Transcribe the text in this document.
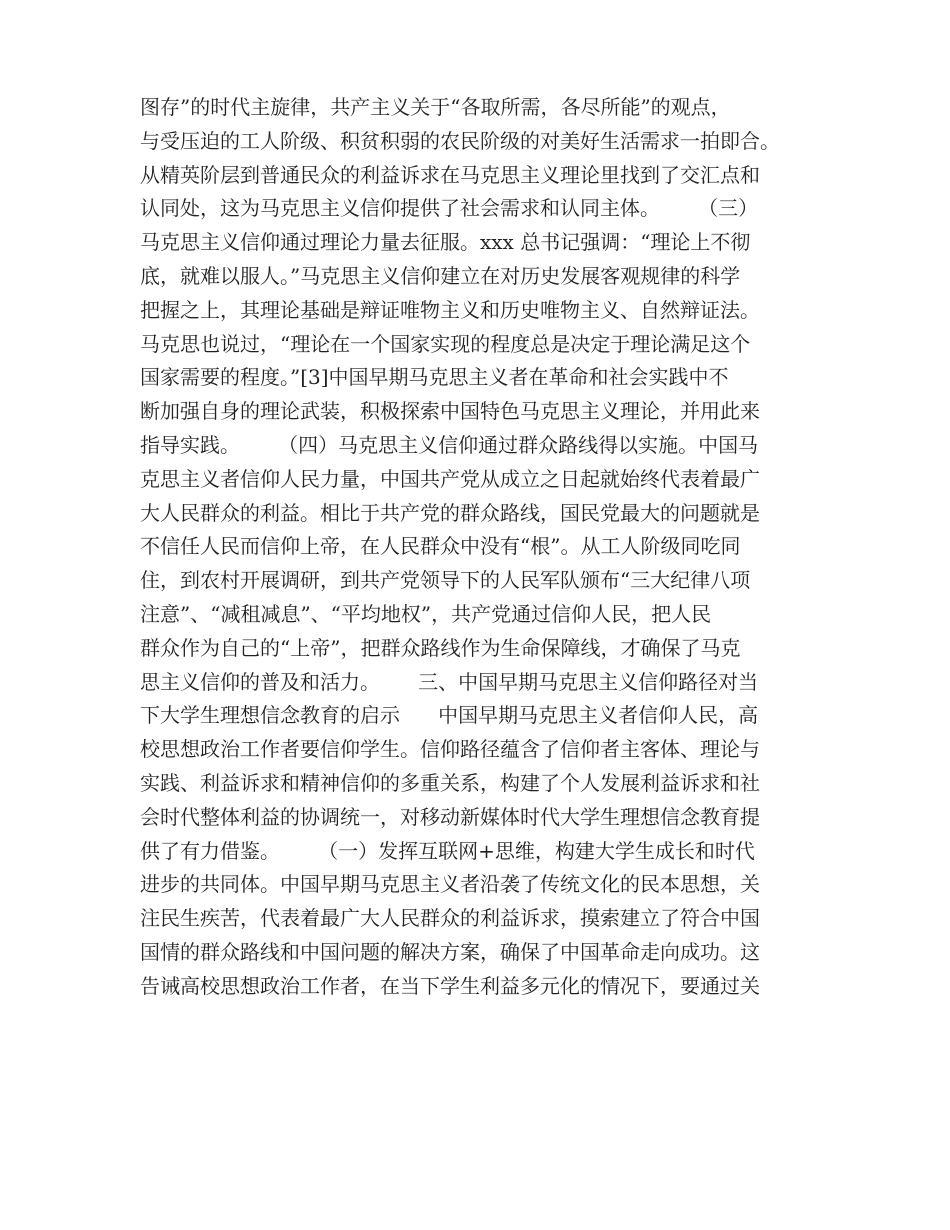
图存”的时代主旋律，共产主义关于“各取所需，各尽所能”的观点，
与受压迫的工人阶级、积贫积弱的农民阶级的对美好生活需求一拍即合。
从精英阶层到普通民众的利益诉求在马克思主义理论里找到了交汇点和
认同处，这为马克思主义信仰提供了社会需求和认同主体。      （三）
马克思主义信仰通过理论力量去征服。xxx 总书记强调：“理论上不彻
底，就难以服人。”马克思主义信仰建立在对历史发展客观规律的科学
把握之上，其理论基础是辩证唯物主义和历史唯物主义、自然辩证法。
马克思也说过，“理论在一个国家实现的程度总是决定于理论满足这个
国家需要的程度。”[3]中国早期马克思主义者在革命和社会实践中不
断加强自身的理论武装，积极探索中国特色马克思主义理论，并用此来
指导实践。      （四）马克思主义信仰通过群众路线得以实施。中国马
克思主义者信仰人民力量，中国共产党从成立之日起就始终代表着最广
大人民群众的利益。相比于共产党的群众路线，国民党最大的问题就是
不信任人民而信仰上帝，在人民群众中没有“根”。从工人阶级同吃同
住，到农村开展调研，到共产党领导下的人民军队颁布“三大纪律八项
注意”、“减租减息”、“平均地权”，共产党通过信仰人民，把人民
群众作为自己的“上帝”，把群众路线作为生命保障线，才确保了马克
思主义信仰的普及和活力。      三、中国早期马克思主义信仰路径对当
下大学生理想信念教育的启示      中国早期马克思主义者信仰人民，高
校思想政治工作者要信仰学生。信仰路径蕴含了信仰者主客体、理论与
实践、利益诉求和精神信仰的多重关系，构建了个人发展利益诉求和社
会时代整体利益的协调统一，对移动新媒体时代大学生理想信念教育提
供了有力借鉴。      （一）发挥互联网+思维，构建大学生成长和时代
进步的共同体。中国早期马克思主义者沿袭了传统文化的民本思想，关
注民生疾苦，代表着最广大人民群众的利益诉求，摸索建立了符合中国
国情的群众路线和中国问题的解决方案，确保了中国革命走向成功。这
告诫高校思想政治工作者，在当下学生利益多元化的情况下，要通过关
